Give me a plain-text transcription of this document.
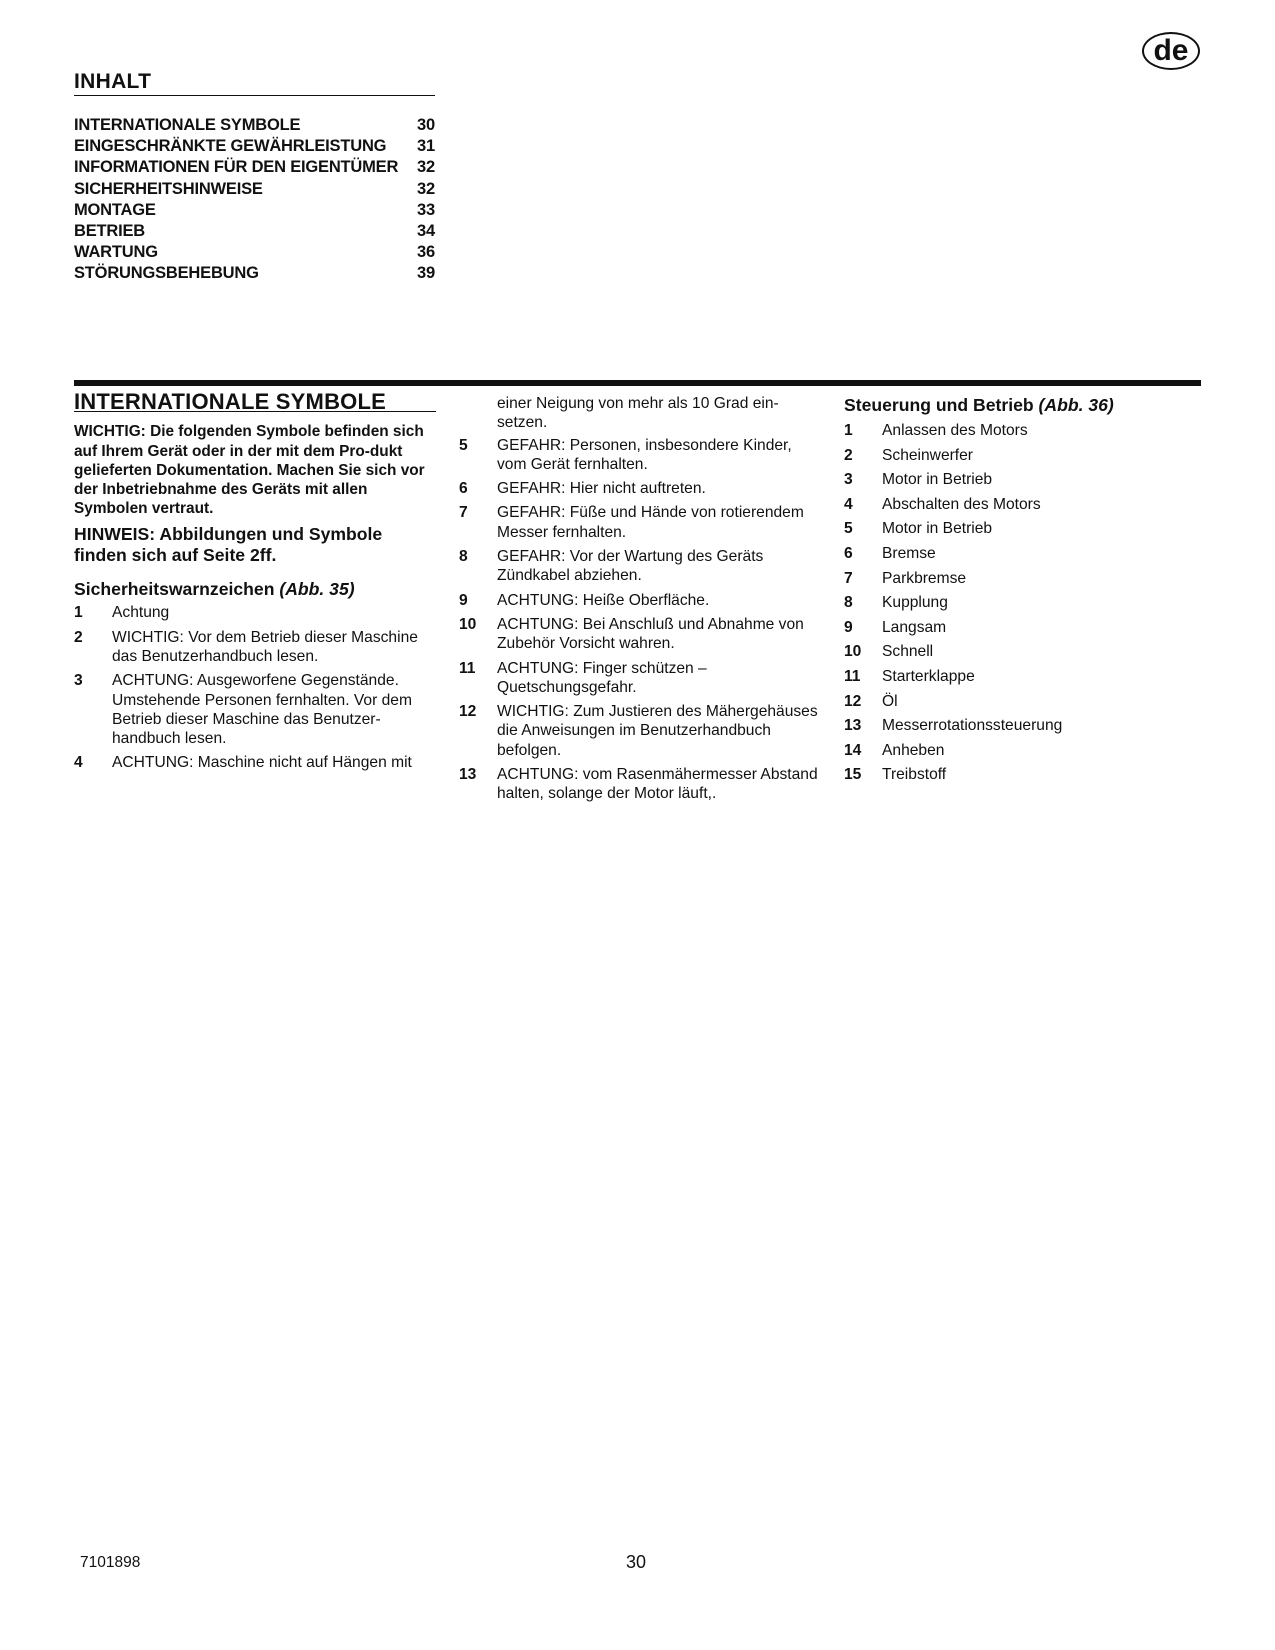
de
INHALT
INTERNATIONALE SYMBOLE	30
EINGESCHRÄNKTE GEWÄHRLEISTUNG 31
INFORMATIONEN FÜR DEN EIGENTÜMER 32
SICHERHEITSHINWEISE	32
MONTAGE	33
BETRIEB	34
WARTUNG	36
STÖRUNGSBEHEBUNG	39
INTERNATIONALE SYMBOLE

WICHTIG: Die folgenden Symbole befinden sich auf Ihrem Gerät oder in der mit dem Pro-dukt gelieferten Dokumentation. Machen Sie sich vor der Inbetriebnahme des Geräts mit allen Symbolen vertraut.

HINWEIS: Abbildungen und Symbole finden sich auf Seite 2ff.

Sicherheitswarnzeichen (Abb. 35)
1	Achtung
2	WICHTIG: Vor dem Betrieb dieser Maschine das Benutzerhandbuch lesen.
3	ACHTUNG: Ausgeworfene Gegenstände. Umstehende Personen fernhalten. Vor dem Betrieb dieser Maschine das Benutzer-handbuch lesen.
4	ACHTUNG: Maschine nicht auf Hängen mit
einer Neigung von mehr als 10 Grad ein-setzen.
5	GEFAHR: Personen, insbesondere Kinder, vom Gerät fernhalten.
6	GEFAHR: Hier nicht auftreten.
7	GEFAHR: Füße und Hände von rotierendem Messer fernhalten.
8	GEFAHR: Vor der Wartung des Geräts Zündkabel abziehen.
9	ACHTUNG: Heiße Oberfläche.
10	ACHTUNG: Bei Anschluß und Abnahme von Zubehör Vorsicht wahren.
11	ACHTUNG: Finger schützen – Quetschungsgefahr.
12	WICHTIG: Zum Justieren des Mähergehäuses die Anweisungen im Benutzerhandbuch befolgen.
13	ACHTUNG: vom Rasenmähermesser Abstand halten, solange der Motor läuft,.
Steuerung und Betrieb (Abb. 36)
1	Anlassen des Motors
2	Scheinwerfer
3	Motor in Betrieb
4	Abschalten des Motors
5	Motor in Betrieb
6	Bremse
7	Parkbremse
8	Kupplung
9	Langsam
10	Schnell
11	Starterklappe
12	Öl
13	Messerrotationssteuerung
14	Anheben
15	Treibstoff
7101898	30
